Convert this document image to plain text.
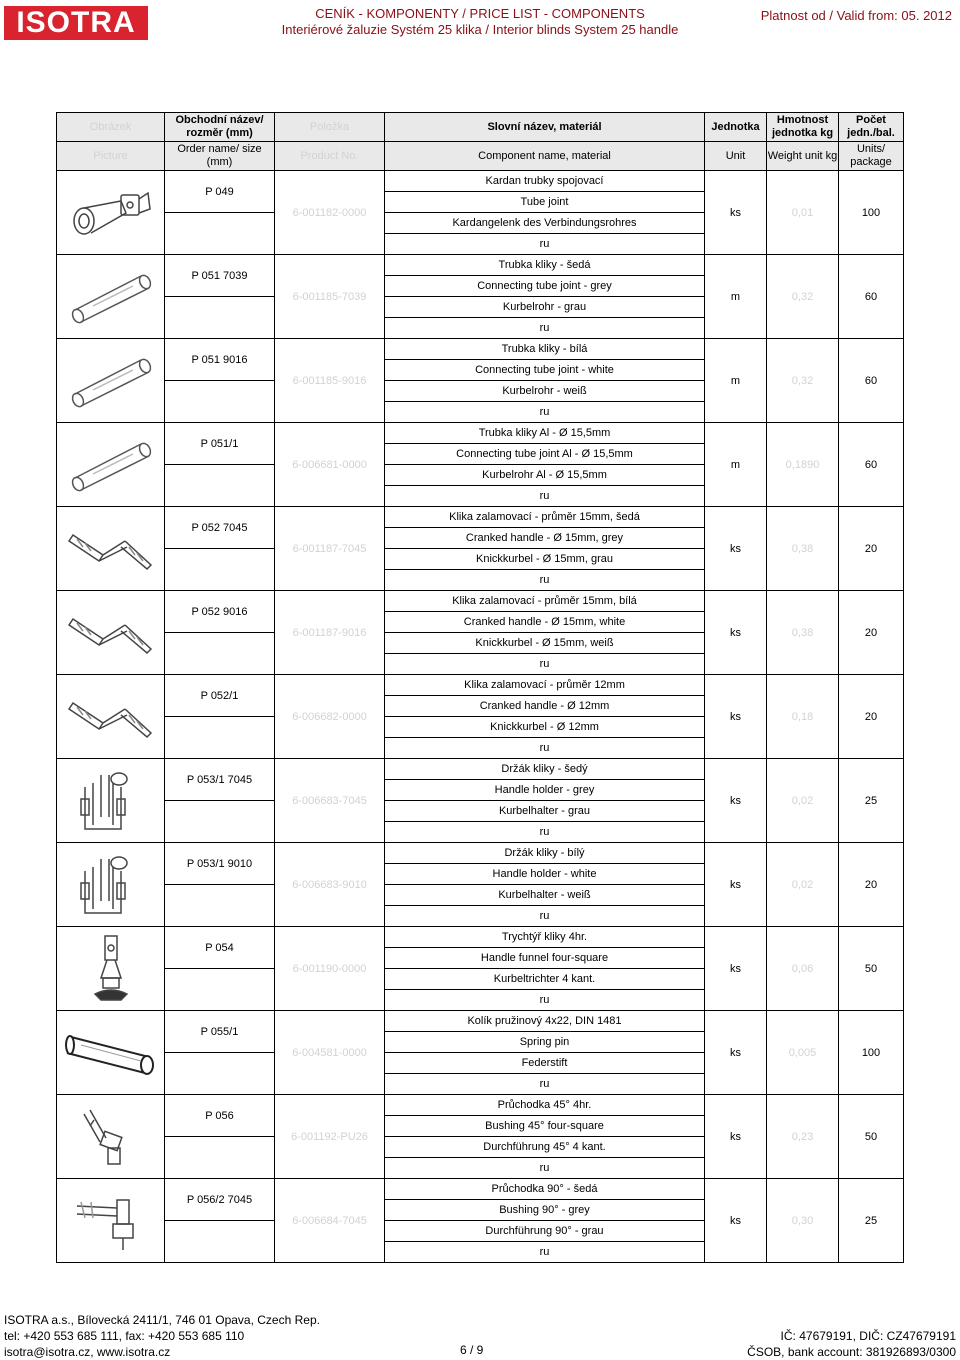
ISOTRA	CENÍK - KOMPONENTY / PRICE LIST - COMPONENTS
Interiérové žaluzie Systém 25 klika / Interior blinds System 25 handle
Platnost od / Valid from: 05. 2012
Obrázek	Obchodní název/ rozměr (mm)	Položka	Slovní název, materiál	Jednotka	Hmotnost jednotka kg	Počet jedn./bal.
Picture	Order name/ size (mm)	Product No.	Component name, material	Unit	Weight unit kg	Units/ package

	P 049	6-001182-0000	Kardan trubky spojovací	ks	0,01	100
			Tube joint			
			Kardangelenk des Verbindungsrohres			
			ru			

	P 051 7039	6-001185-7039	Trubka kliky - šedá	m	0,32	60
			Connecting tube joint - grey			
			Kurbelrohr - grau			
			ru			

	P 051 9016	6-001185-9016	Trubka kliky - bílá	m	0,32	60
			Connecting tube joint - white			
			Kurbelrohr - weiß			
			ru			

	P 051/1	6-006681-0000	Trubka kliky Al - Ø 15,5mm	m	0,1890	60
			Connecting tube joint Al - Ø 15,5mm			
			Kurbelrohr Al - Ø 15,5mm			
			ru			

	P 052 7045	6-001187-7045	Klika zalamovací - průměr 15mm, šedá	ks	0,38	20
			Cranked handle - Ø 15mm, grey			
			Knickkurbel - Ø 15mm, grau			
			ru			

	P 052 9016	6-001187-9016	Klika zalamovací - průměr 15mm, bílá	ks	0,38	20
			Cranked handle - Ø 15mm, white			
			Knickkurbel - Ø 15mm, weiß			
			ru			

	P 052/1	6-006682-0000	Klika zalamovací - průměr 12mm	ks	0,18	20
			Cranked handle - Ø 12mm			
			Knickkurbel - Ø 12mm			
			ru			

	P 053/1 7045	6-006683-7045	Držák kliky - šedý	ks	0,02	25
			Handle holder - grey			
			Kurbelhalter - grau			
			ru			

	P 053/1 9010	6-006683-9010	Držák kliky - bílý	ks	0,02	20
			Handle holder - white			
			Kurbelhalter - weiß			
			ru			

	P 054	6-001190-0000	Trychtýř kliky 4hr.	ks	0,06	50
			Handle funnel four-square			
			Kurbeltrichter 4 kant.			
			ru			

	P 055/1	6-004581-0000	Kolík pružinový 4x22, DIN 1481	ks	0,005	100
			Spring pin			
			Federstift			
			ru			

	P 056	6-001192-PU26	Průchodka 45° 4hr.	ks	0,23	50
			Bushing 45° four-square			
			Durchführung 45° 4 kant.			
			ru			

	P 056/2 7045	6-006684-7045	Průchodka 90° - šedá	ks	0,30	25
			Bushing 90° - grey			
			Durchführung 90° - grau			
			ru			
ISOTRA a.s., Bílovecká 2411/1, 746 01 Opava, Czech Rep.
tel: +420 553 685 111, fax: +420 553 685 110
isotra@isotra.cz, www.isotra.cz	6 / 9
IČ: 47679191, DIČ: CZ47679191
ČSOB, bank account: 381926893/0300
